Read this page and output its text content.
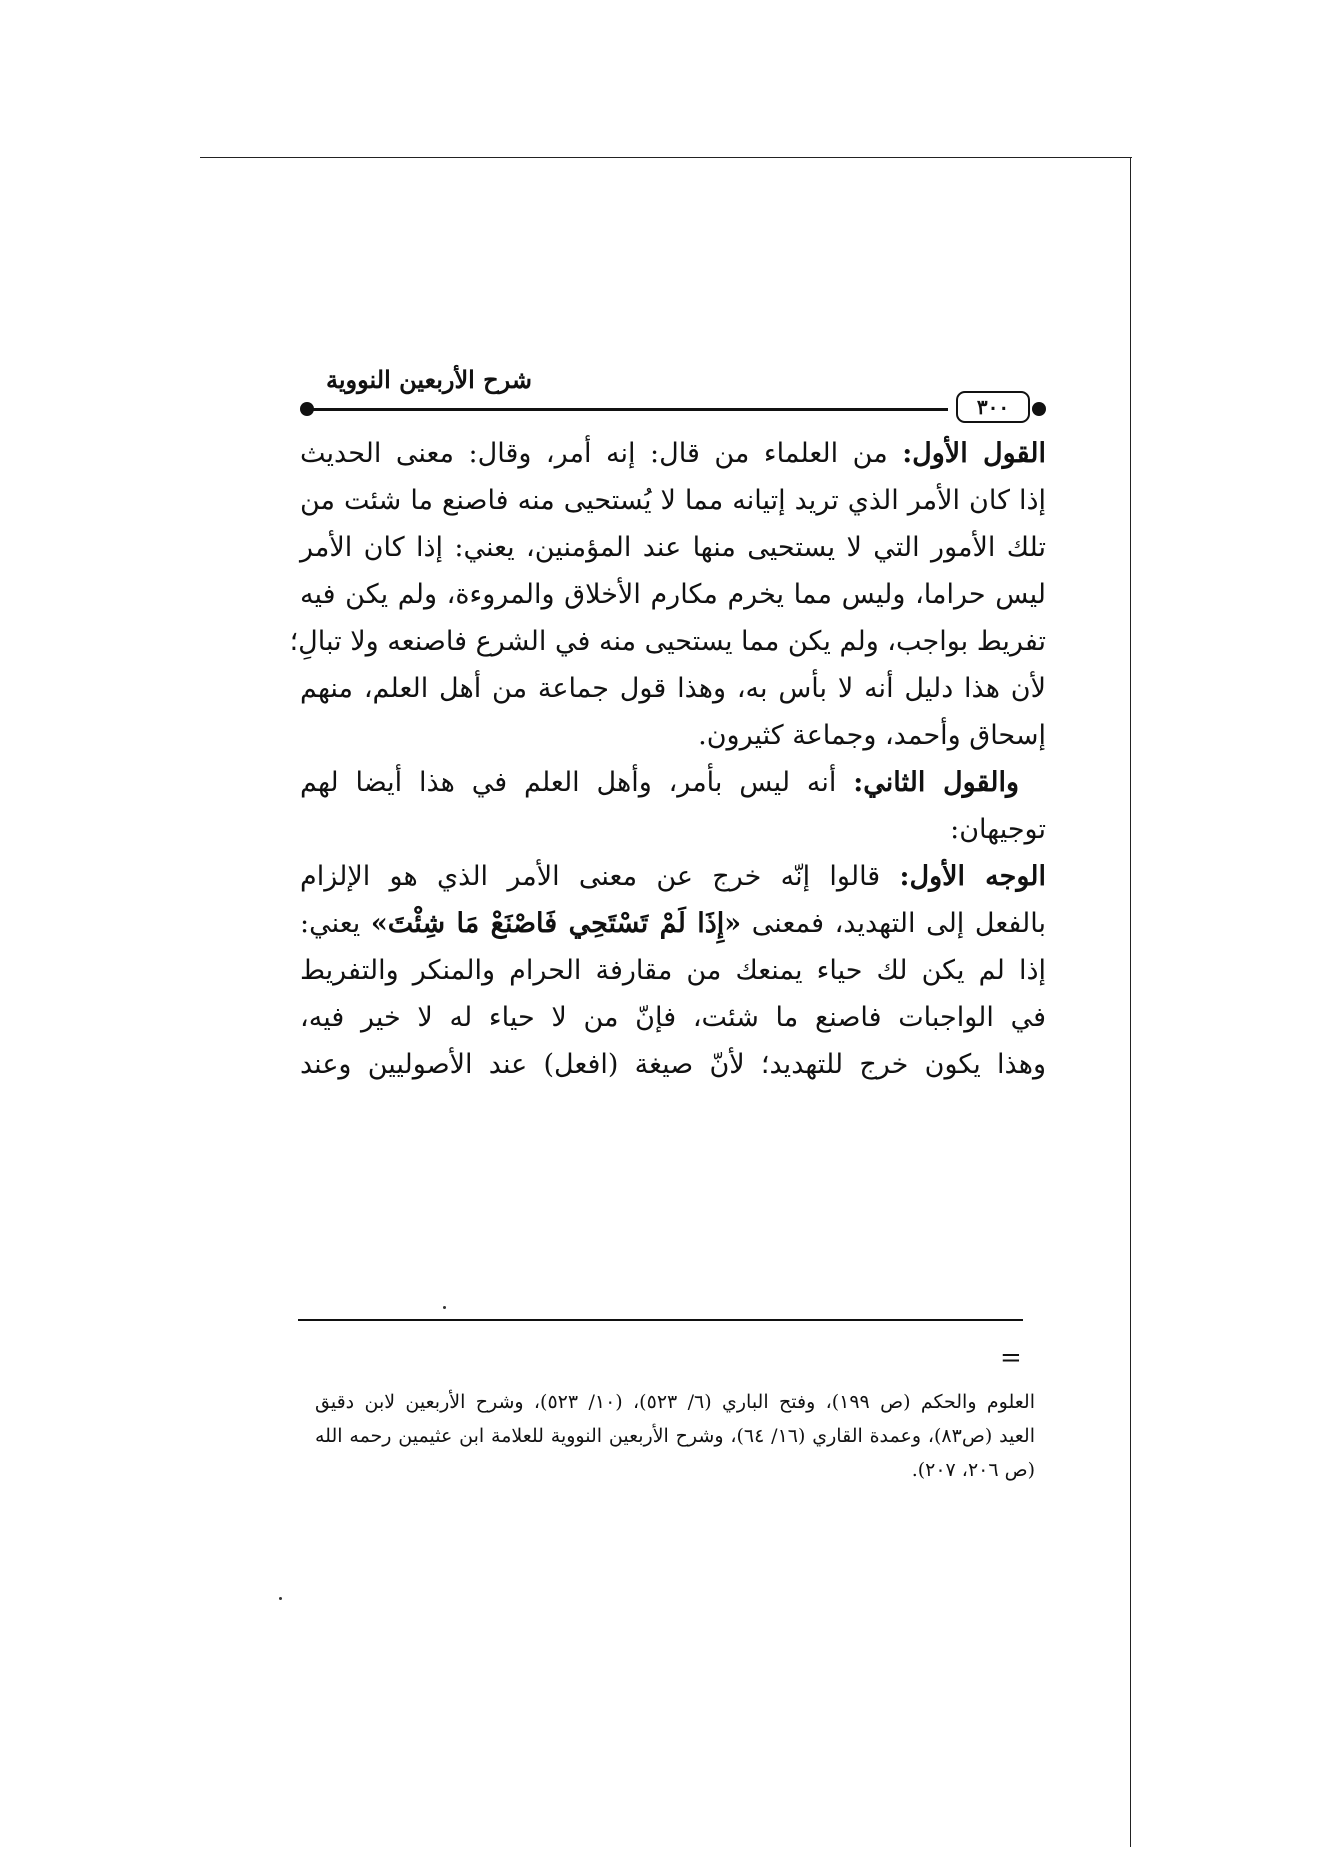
شرح الأربعين النووية
٣٠٠

القول الأول: من العلماء من قال: إنه أمر، وقال: معنى الحديث
إذا كان الأمر الذي تريد إتيانه مما لا يُستحيى منه فاصنع ما شئت من
تلك الأمور التي لا يستحيى منها عند المؤمنين، يعني: إذا كان الأمر
ليس حراما، وليس مما يخرم مكارم الأخلاق والمروءة، ولم يكن فيه
تفريط بواجب، ولم يكن مما يستحيى منه في الشرع فاصنعه ولا تبالِ؛
لأن هذا دليل أنه لا بأس به، وهذا قول جماعة من أهل العلم، منهم
إسحاق وأحمد، وجماعة كثيرون.

 والقول الثاني: أنه ليس بأمر، وأهل العلم في هذا أيضا لهم
توجيهان:

الوجه الأول: قالوا إنّه خرج عن معنى الأمر الذي هو الإلزام
بالفعل إلى التهديد، فمعنى «إِذَا لَمْ تَسْتَحِي فَاصْنَعْ مَا شِئْتَ» يعني:
إذا لم يكن لك حياء يمنعك من مقارفة الحرام والمنكر والتفريط
في الواجبات فاصنع ما شئت، فإنّ من لا حياء له لا خير فيه،
وهذا يكون خرج للتهديد؛ لأنّ صيغة (افعل) عند الأصوليين وعند

=
العلوم والحكم (ص ١٩٩)، وفتح الباري (٦/ ٥٢٣)، (١٠/ ٥٢٣)، وشرح الأربعين لابن دقيق
العيد (ص٨٣)، وعمدة القاري (١٦/ ٦٤)، وشرح الأربعين النووية للعلامة ابن عثيمين رحمه الله
(ص ٢٠٦، ٢٠٧).
